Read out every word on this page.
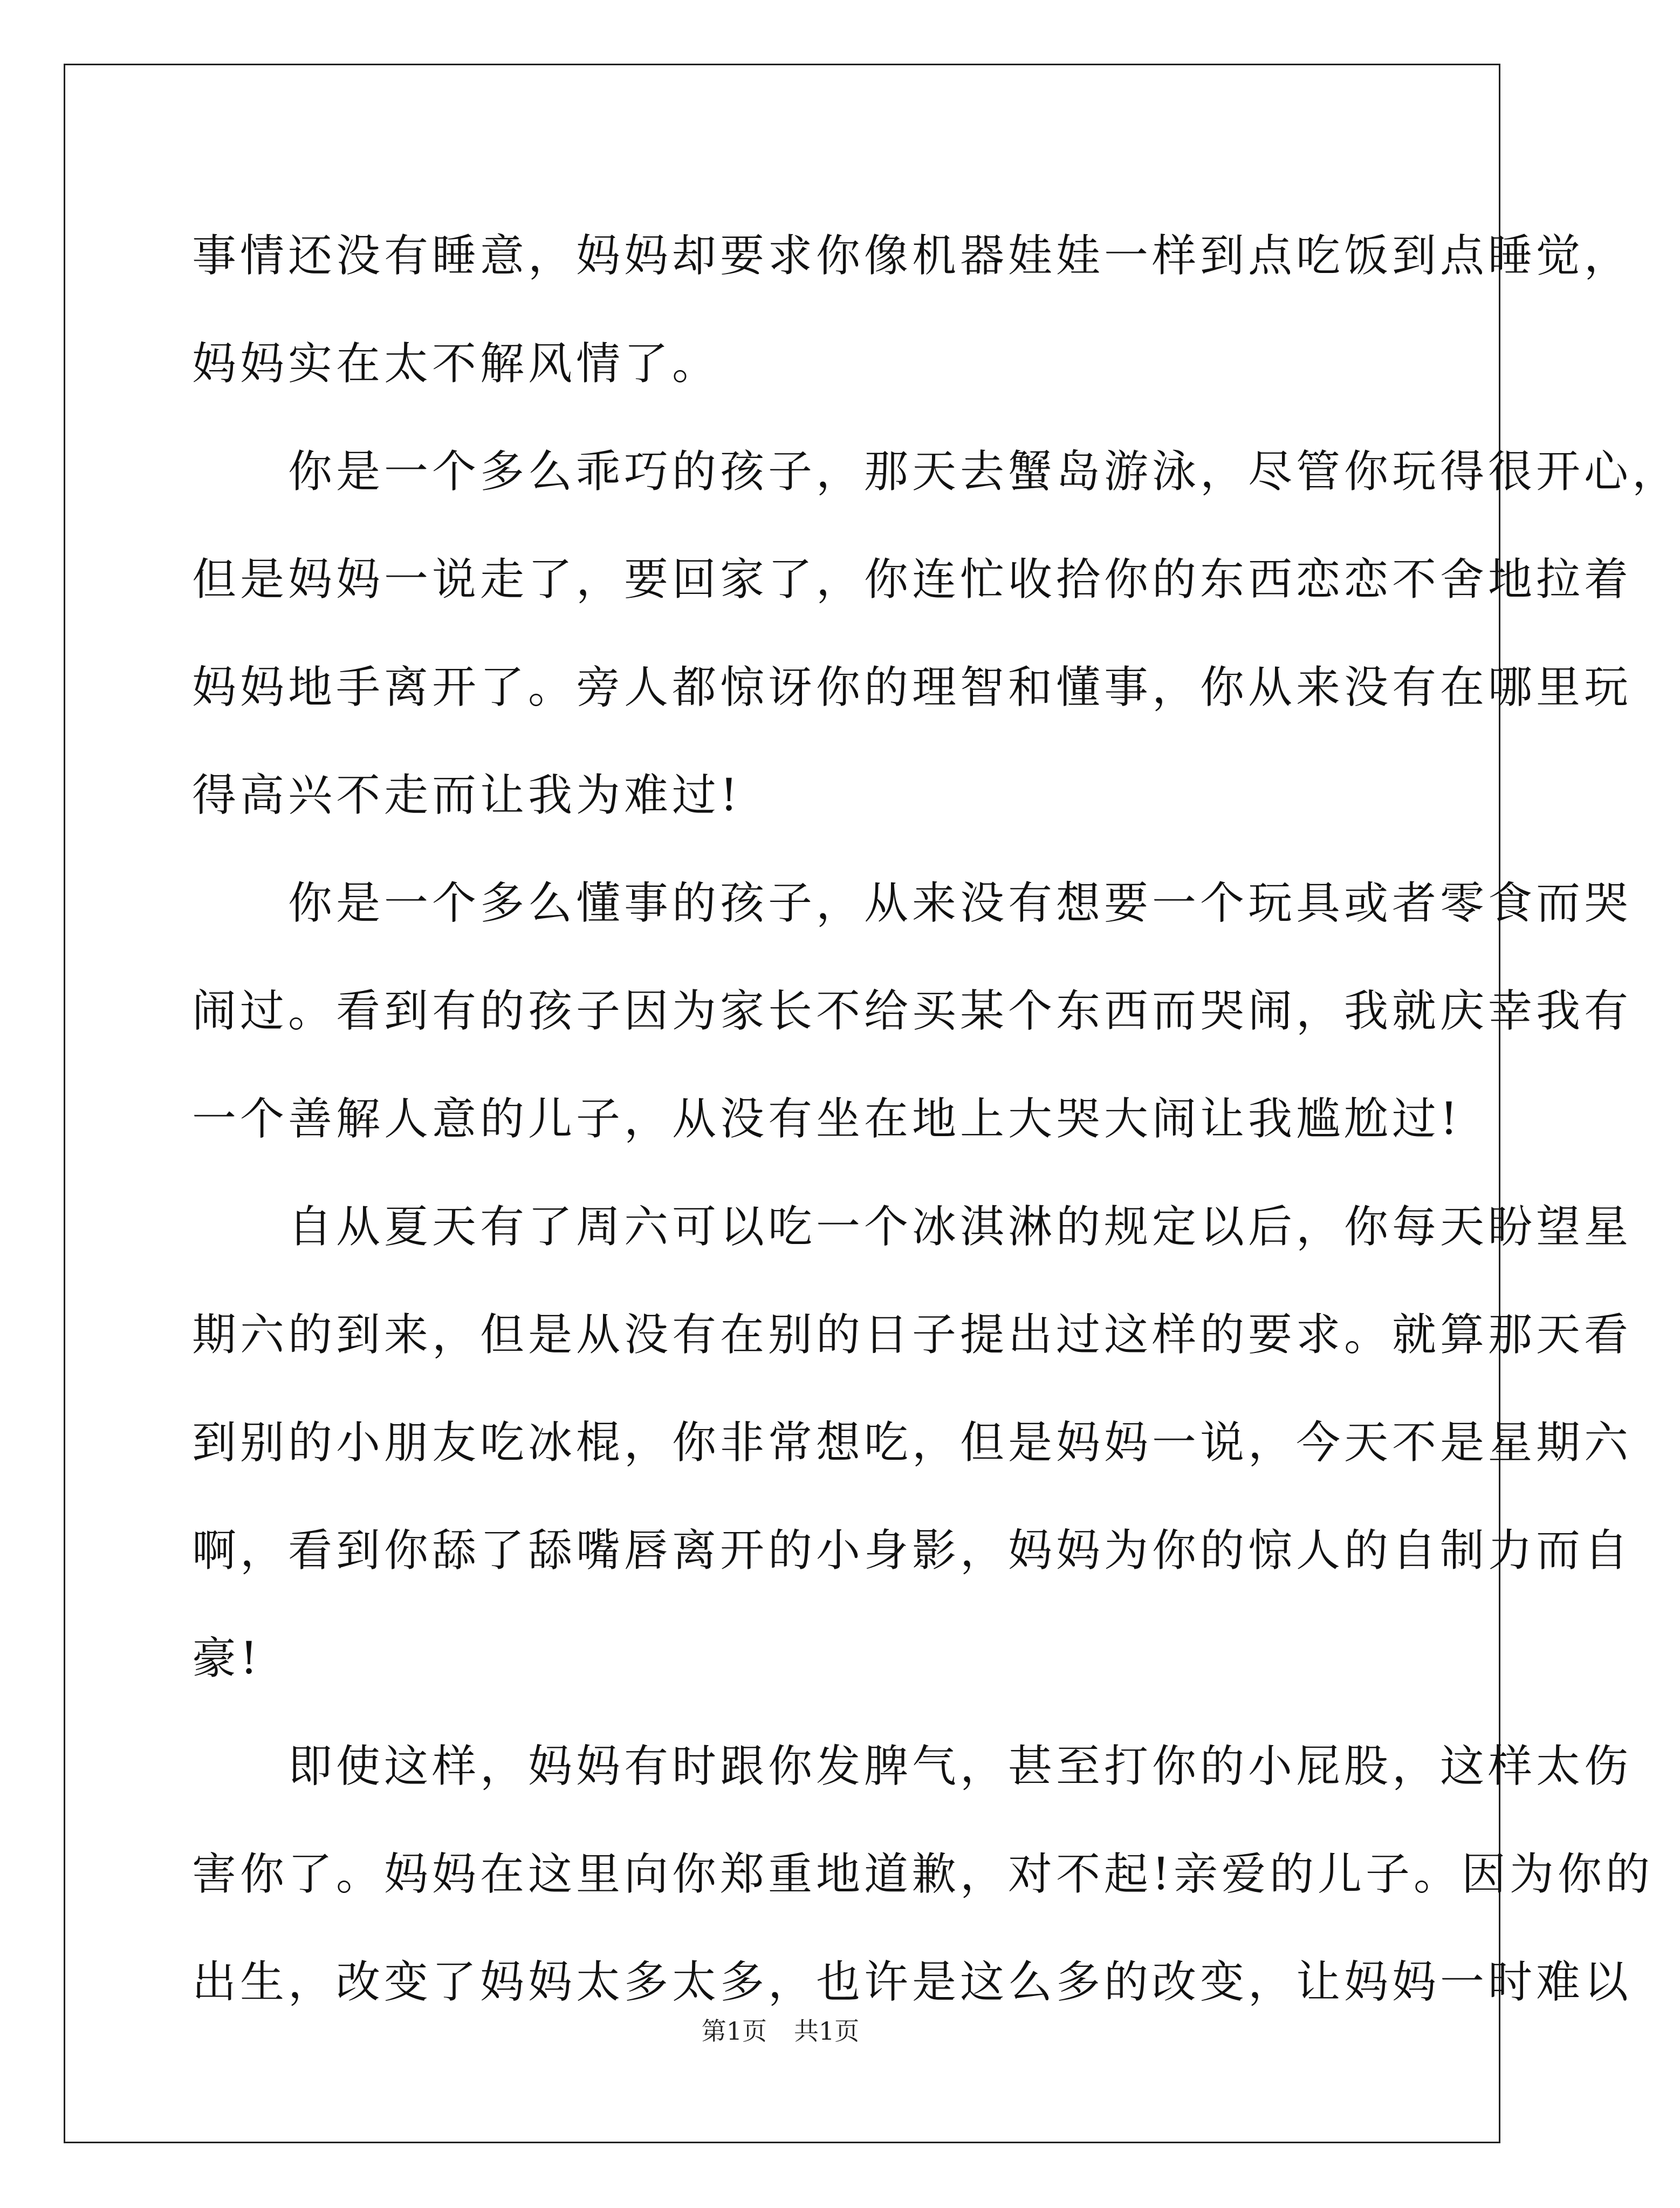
事情还没有睡意，妈妈却要求你像机器娃娃一样到点吃饭到点睡觉，
妈妈实在太不解风情了。
　　你是一个多么乖巧的孩子，那天去蟹岛游泳，尽管你玩得很开心，
但是妈妈一说走了，要回家了，你连忙收拾你的东西恋恋不舍地拉着
妈妈地手离开了。旁人都惊讶你的理智和懂事，你从来没有在哪里玩
得高兴不走而让我为难过!
　　你是一个多么懂事的孩子，从来没有想要一个玩具或者零食而哭
闹过。看到有的孩子因为家长不给买某个东西而哭闹，我就庆幸我有
一个善解人意的儿子，从没有坐在地上大哭大闹让我尴尬过!
　　自从夏天有了周六可以吃一个冰淇淋的规定以后，你每天盼望星
期六的到来，但是从没有在别的日子提出过这样的要求。就算那天看
到别的小朋友吃冰棍，你非常想吃，但是妈妈一说，今天不是星期六
啊，看到你舔了舔嘴唇离开的小身影，妈妈为你的惊人的自制力而自
豪!
　　即使这样，妈妈有时跟你发脾气，甚至打你的小屁股，这样太伤
害你了。妈妈在这里向你郑重地道歉，对不起!亲爱的儿子。因为你的
出生，改变了妈妈太多太多，也许是这么多的改变，让妈妈一时难以
第1页 共1页
